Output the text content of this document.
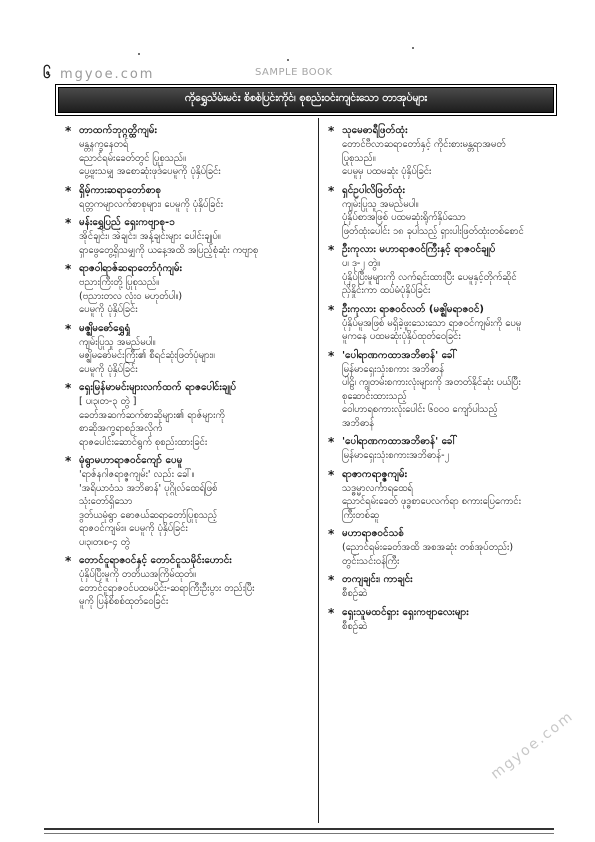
၆ mgyoe.com	SAMPLE BOOK
ကိုရွှေသိမ်းမင်း စိစစ်ပြင်းကိုင်၊ စုစည်းဝင်းကျင်းသော တာအုပ်များ
* တာထက်ဘုဂ္ဂတ္ထိကျမ်း
မန္တနက္ခနေတရ်
ညောင်ရမ်းခေတ်တွင် ပြုစုသည်။
ပွေ့ဖူးသမျှ အစောဆုံးဖုဒ်ပေမူကို ပုံနှိပ်ခြင်း
* ရှိမ့်ကားဆရာတော်စာစု
ရတ္တကမျာလက်စာစုများ၊ ပေမူကို ပုံနှိပ်ခြင်း
* မန်းရွှေပြည် ရှေးကဗျာစု-၁
အိုင်ချင်း၊ အဲချင်း၊ အန့်ချင်းများ ပေါင်းချုပ်။
ရှာဖွေတွေ့ရှိသမျှကို ယနေ့အထိ အပြည့်စုံဆုံး ကဗျာစု
* ရာဇဝါရာဇ်ဆရာတော်ဂုံကျမ်း
ဗညားကြီးတို့ ပြုစုသည်။
(ဗညားတလ လုံးဝ မဟုတ်ပါ။)
ပေမူကို ပုံနှိပ်ခြင်း
* မဇ္ဈိမဓော်ရွှေရှုံ
ကျမ်းပြုသူ အမည်မပါ။
မဇ္ဈိမဓော်မင်းကြီး၏ စီရင်ဆုံးဖြတ်ပုံများ။
ပေမူကို ပုံနှိပ်ခြင်း
* ရှေးမြန်မာမင်းများလက်ထက် ရာဇပေါင်းချုပ်
[ ပ၊၃၊တ-၃ တွဲ ]
ခေတ်အဆက်ဆက်စာဆိုများ၏ ရာဇ်များကို
စာဆိုအက္ခရာစဉ်အလိုက်
ရာဇပေါင်းဆောင်ရွက် စုစည်းထားခြင်း
* မုံရွာမဟာရာဇဝင်ကျော် ပေမူ
'ရာဇ်နဂါဇရာဇ္ဇကျမ်း' လည်း ခေါ်။
'အရိယာဝံသ အဘိဓာန်' ပုဂ္ဂိုလ်ထေရ်ဖြစ်
သုံးတော်ရှိသော
ဒွတ်ယမုံရွာ ဓောဇယ်ဆရာတော်ပြုစုသည့်
ရာဇဝင်ကျမ်း။ ပေမူကို ပုံနှိပ်ခြင်း
ပ၊၃၊တ၊စ-၄ တွဲ
* တောင်ငူရာဇဝင်နှင့် တောင်ငူသမိုင်းဟောင်း
ပုံနှိပ်ပြီးမူကို တတိယအကြိမ်ထုတ်။
တောင်ငူရာဇဝင်ပထမပိုင်း-ဆရာကြီးဦးပွား တည်းပြီး
မူကို ပြန်စိစစ်ထုတ်ဝေခြင်း
* သုမေဓာရီဖြတ်ထုံး
တောင်ဗီလာဆရာတော်နှင့် ကိုင်းစားမန္တရာအမတ်
ပြုစုသည်။
ပေမူမှ ပထမဆုံး ပုံနှိပ်ခြင်း
* ရှင်ဥပါလိဖြတ်ထုံး
ကျမ်းပြုသူ အမည်မပါ။
ပုံနှိပ်စာအဖြစ် ပထမဆုံးရိုက်နှိပ်သော
ဖြတ်ထုံးပေါင်း ၁၈ ခုပါသည့် ရှားပါးဖြတ်ထုံးတစ်စောင်
* ဦးကုလား မဟာရာဇဝင်ကြီးနှင့် ရာဇဝင်ချုပ်
ပ၊ ဒု-၂ တွဲ။
ပုံနှိပ်ပြီးမူများကို လက်ရင်းထားပြီး ပေမူနှင့်တိုက်ဆိုင်
ညှိနှိုင်းကာ ထပ်မံပုံနှိပ်ခြင်း
* ဦးကုလား ရာဇဝင်လတ် (မဇ္ဈိမရာဇဝင်)
ပုံနှိပ်မူအဖြစ် မရှိခဲ့ဖူးသေးသော ရာဇဝင်ကျမ်းကို ပေမူ
မူကနေ ပထမဆုံးပုံနှိပ်ထုတ်ဝေခြင်း
* 'ပေါရာဏကထာအဘိဓာန်' ခေါ်
မြန်မာရှေးသုံးစကား အဘိဓာန်
ပါဠိ၊ ကျွတမ်းစကားလုံးများကို အတတ်နိုင်ဆုံး ပယ်ပြီး
စုဆောင်းထားသည့်
ဝေါဟာရစကားလုံးပေါင်း ၆၀၀၀ ကျော်ပါသည့်
အဘိဓာန်
* 'ပေါရာဏကထာအဘိဓာန်' ခေါ်
မြန်မာရှေးသုံးစကားအဘိဓာန်-၂
* ရာဇာကရာဇ္ဇကျမ်း
သဒ္ဓမ္မာလင်္ကာရထေရ်
ညောင်ရမ်းခေတ် ဖုဒ္ဓစာပေလက်ရာ စကားပြေကောင်း
ကြီးတစ်ဆူ
* မဟာရာဇဝင်သစ်
(ညောင်ရမ်းခေတ်အထိ အစအဆုံး တစ်အုပ်တည်း)
တွင်းသင်းဝန်ကြီး
* တကျချင်း၊ ကာချင်း
စီစဉ်ဆဲ
* ရှေးသူမထင်ရှား ရှေးကဗျာလေးများ
စီစဉ်ဆဲ
mgyoe.com
